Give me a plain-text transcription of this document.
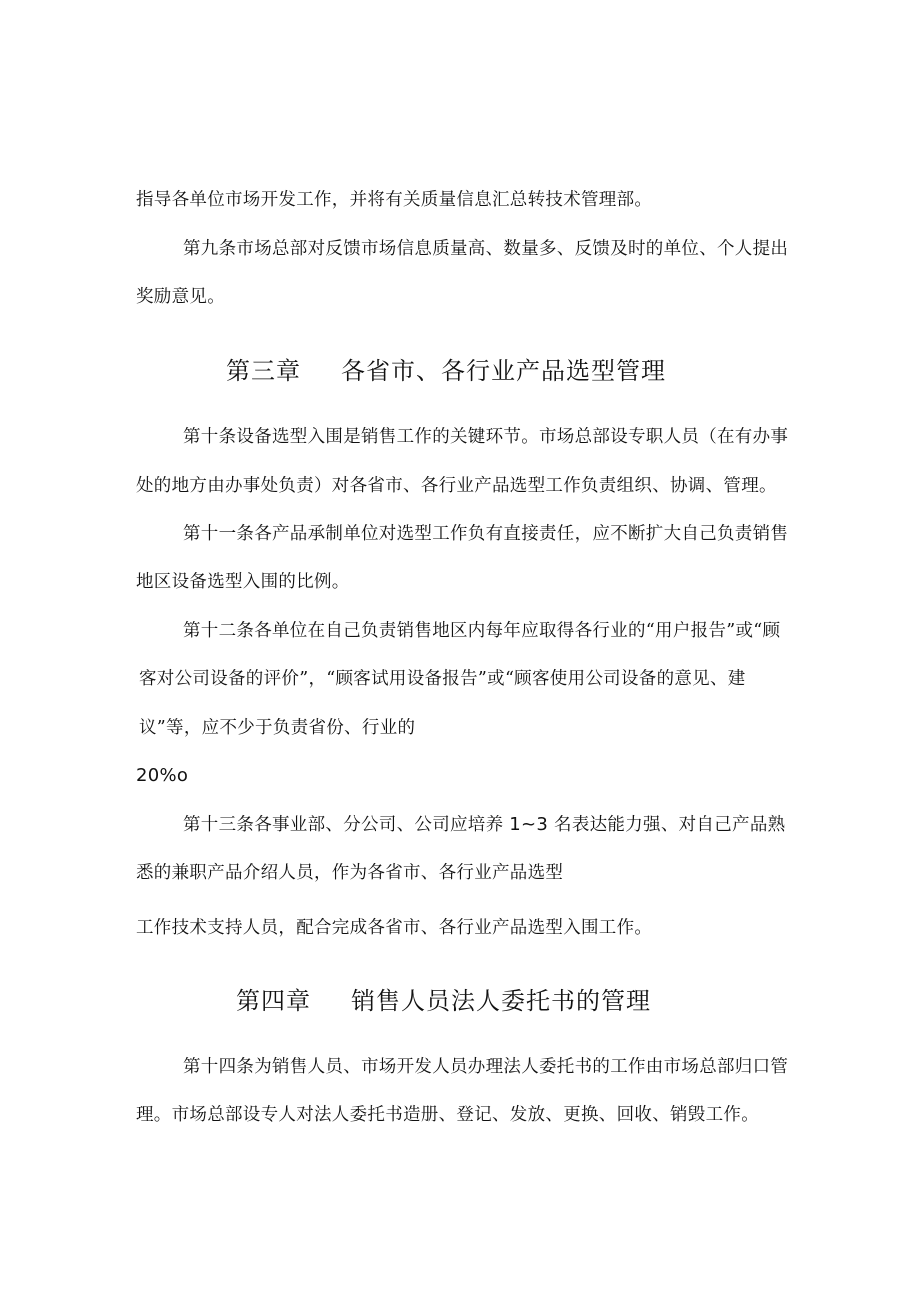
指导各单位市场开发工作，并将有关质量信息汇总转技术管理部。
第九条市场总部对反馈市场信息质量高、数量多、反馈及时的单位、个人提出
奖励意见。
第三章 各省市、各行业产品选型管理
第十条设备选型入围是销售工作的关键环节。市场总部设专职人员（在有办事
处的地方由办事处负责）对各省市、各行业产品选型工作负责组织、协调、管理。
第十一条各产品承制单位对选型工作负有直接责任，应不断扩大自己负责销售
地区设备选型入围的比例。
第十二条各单位在自己负责销售地区内每年应取得各行业的“用户报告”或“顾
客对公司设备的评价”，“顾客试用设备报告”或“顾客使用公司设备的意见、建
议”等，应不少于负责省份、行业的
20%o
第十三条各事业部、分公司、公司应培养 1~3 名表达能力强、对自己产品熟
悉的兼职产品介绍人员，作为各省市、各行业产品选型
工作技术支持人员，配合完成各省市、各行业产品选型入围工作。
第四章 销售人员法人委托书的管理
第十四条为销售人员、市场开发人员办理法人委托书的工作由市场总部归口管
理。市场总部设专人对法人委托书造册、登记、发放、更换、回收、销毁工作。
